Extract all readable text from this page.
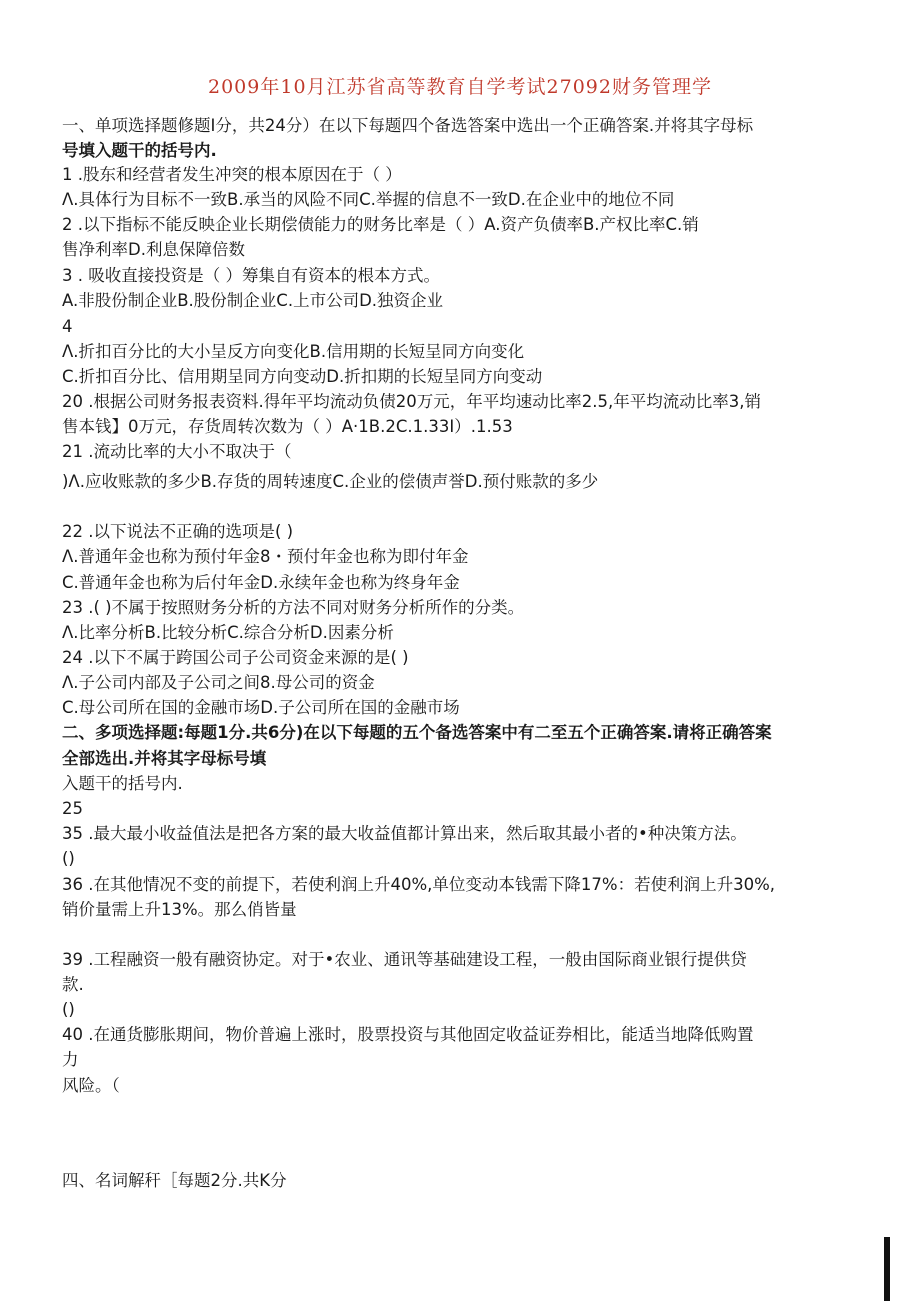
2009年10月江苏省高等教育自学考试27092财务管理学
一、单项选择题修题Ⅰ分，共24分）在以下每题四个备选答案中选出一个正确答案.并将其字母标
号填入题干的括号内.
1 .股东和经营者发生冲突的根本原因在于（ ）
Λ.具体行为目标不一致B.承当的风险不同C.举握的信息不一致D.在企业中的地位不同
2 .以下指标不能反映企业长期偿债能力的财务比率是（ ）A.资产负债率B.产权比率C.销
售净利率D.利息保障倍数
3 . 吸收直接投资是（ ）筹集自有资本的根本方式。
A.非股份制企业B.股份制企业C.上市公司D.独资企业
4
Λ.折扣百分比的大小呈反方向变化B.信用期的长短呈同方向变化
C.折扣百分比、信用期呈同方向变动D.折扣期的长短呈同方向变动
20 .根据公司财务报表资料.得年平均流动负债20万元，年平均速动比率2.5,年平均流动比率3,销
售本钱】0万元，存货周转次数为（ ）A·1B.2C.1.33I）.1.53
21 .流动比率的大小不取决于（
)Λ.应收账款的多少B.存货的周转速度C.企业的偿债声誉D.预付账款的多少
22 .以下说法不正确的选项是( )
Λ.普通年金也称为预付年金8・预付年金也称为即付年金
C.普通年金也称为后付年金D.永续年金也称为终身年金
23 .( )不属于按照财务分析的方法不同对财务分析所作的分类。
Λ.比率分析B.比较分析C.综合分析D.因素分析
24 .以下不属于跨国公司子公司资金来源的是( )
Λ.子公司内部及子公司之间8.母公司的资金
C.母公司所在国的金融市场D.子公司所在国的金融市场
二、多项选择题:每题1分.共6分)在以下每题的五个备选答案中有二至五个正确答案.请将正确答案
全部选出.并将其字母标号填
入题干的括号内.
25
35 .最大最小收益值法是把各方案的最大收益值都计算出来，然后取其最小者的•种决策方法。
()
36 .在其他情况不变的前提下，若使利润上升40%,单位变动本钱需下降17%：若使利润上升30%,
销价量需上升13%。那么俏皆量
39 .工程融资一般有融资协定。对于•农业、通讯等基础建设工程，一般由国际商业银行提供贷
款.
()
40 .在通货膨胀期间，物价普遍上涨时，股票投资与其他固定收益证券相比，能适当地降低购置
力
风险。（
四、名词解秆［每题2分.共K分
